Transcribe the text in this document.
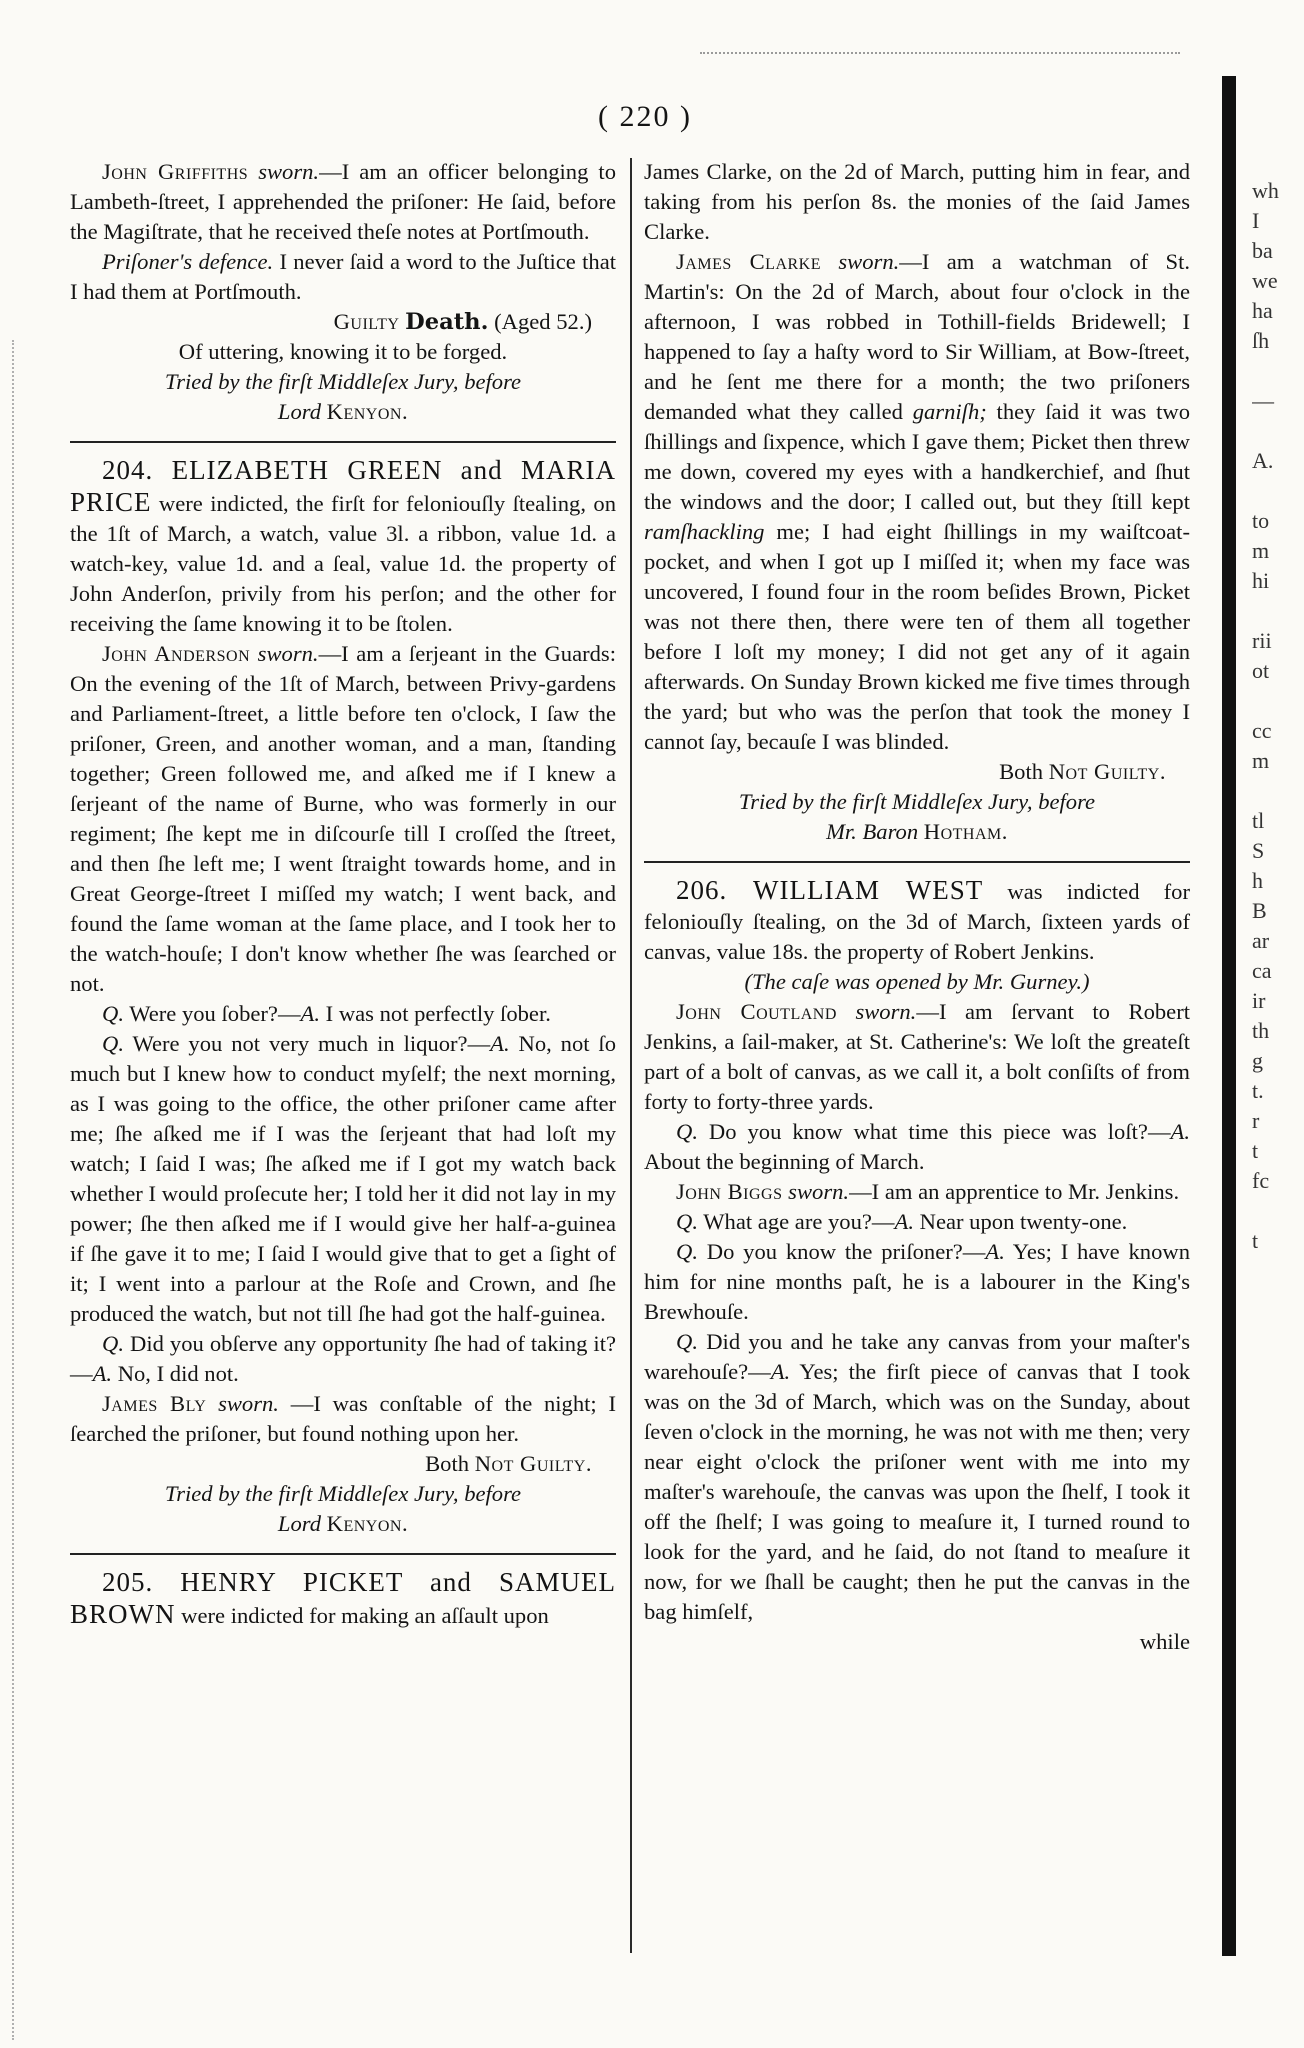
( 220 )

John Griffiths sworn.—I am an officer belonging to Lambeth-ſtreet, I apprehended the priſoner: He ſaid, before the Magiſtrate, that he received theſe notes at Portſmouth.

Priſoner's defence. I never ſaid a word to the Juſtice that I had them at Portſmouth.

Guilty Death. (Aged 52.)

Of uttering, knowing it to be forged.

Tried by the firſt Middleſex Jury, before

Lord Kenyon.

204. ELIZABETH GREEN and MARIA PRICE were indicted, the firſt for feloniouſly ſtealing, on the 1ſt of March, a watch, value 3l. a ribbon, value 1d. a watch-key, value 1d. and a ſeal, value 1d. the property of John Anderſon, privily from his perſon; and the other for receiving the ſame knowing it to be ſtolen.

John Anderson sworn.—I am a ſerjeant in the Guards: On the evening of the 1ſt of March, between Privy-gardens and Parliament-ſtreet, a little before ten o'clock, I ſaw the priſoner, Green, and another woman, and a man, ſtanding together; Green followed me, and aſked me if I knew a ſerjeant of the name of Burne, who was formerly in our regiment; ſhe kept me in diſcourſe till I croſſed the ſtreet, and then ſhe left me; I went ſtraight towards home, and in Great George-ſtreet I miſſed my watch; I went back, and found the ſame woman at the ſame place, and I took her to the watch-houſe; I don't know whether ſhe was ſearched or not.

Q. Were you ſober?—A. I was not perfectly ſober.

Q. Were you not very much in liquor?—A. No, not ſo much but I knew how to conduct myſelf; the next morning, as I was going to the office, the other priſoner came after me; ſhe aſked me if I was the ſerjeant that had loſt my watch; I ſaid I was; ſhe aſked me if I got my watch back whether I would proſecute her; I told her it did not lay in my power; ſhe then aſked me if I would give her half-a-guinea if ſhe gave it to me; I ſaid I would give that to get a ſight of it; I went into a parlour at the Roſe and Crown, and ſhe produced the watch, but not till ſhe had got the half-guinea.

Q. Did you obſerve any opportunity ſhe had of taking it?—A. No, I did not.

James Bly sworn. —I was conſtable of the night; I ſearched the priſoner, but found nothing upon her.

Both Not Guilty.

Tried by the firſt Middleſex Jury, before

Lord Kenyon.

205. HENRY PICKET and SAMUEL BROWN were indicted for making an aſſault upon

James Clarke, on the 2d of March, putting him in fear, and taking from his perſon 8s. the monies of the ſaid James Clarke.

James Clarke sworn.—I am a watchman of St. Martin's: On the 2d of March, about four o'clock in the afternoon, I was robbed in Tothill-fields Bridewell; I happened to ſay a haſty word to Sir William, at Bow-ſtreet, and he ſent me there for a month; the two priſoners demanded what they called garniſh; they ſaid it was two ſhillings and ſixpence, which I gave them; Picket then threw me down, covered my eyes with a handkerchief, and ſhut the windows and the door; I called out, but they ſtill kept ramſhackling me; I had eight ſhillings in my waiſtcoat-pocket, and when I got up I miſſed it; when my face was uncovered, I found four in the room beſides Brown, Picket was not there then, there were ten of them all together before I loſt my money; I did not get any of it again afterwards. On Sunday Brown kicked me five times through the yard; but who was the perſon that took the money I cannot ſay, becauſe I was blinded.

Both Not Guilty.

Tried by the firſt Middleſex Jury, before

Mr. Baron Hotham.

206. WILLIAM WEST was indicted for feloniouſly ſtealing, on the 3d of March, ſixteen yards of canvas, value 18s. the property of Robert Jenkins.

(The caſe was opened by Mr. Gurney.)

John Coutland sworn.—I am ſervant to Robert Jenkins, a ſail-maker, at St. Catherine's: We loſt the greateſt part of a bolt of canvas, as we call it, a bolt conſiſts of from forty to forty-three yards.

Q. Do you know what time this piece was loſt?—A. About the beginning of March.

John Biggs sworn.—I am an apprentice to Mr. Jenkins.

Q. What age are you?—A. Near upon twenty-one.

Q. Do you know the priſoner?—A. Yes; I have known him for nine months paſt, he is a labourer in the King's Brewhouſe.

Q. Did you and he take any canvas from your maſter's warehouſe?—A. Yes; the firſt piece of canvas that I took was on the 3d of March, which was on the Sunday, about ſeven o'clock in the morning, he was not with me then; very near eight o'clock the priſoner went with me into my maſter's warehouſe, the canvas was upon the ſhelf, I took it off the ſhelf; I was going to meaſure it, I turned round to look for the yard, and he ſaid, do not ſtand to meaſure it now, for we ſhall be caught; then he put the canvas in the bag himſelf,

while

wh
I
ba
we
ha
ſh

—

A.

to
m
hi

rii
ot

cc
m

tl
S
h
B
ar
ca
ir
th
g
t.
r
t
fc

t
